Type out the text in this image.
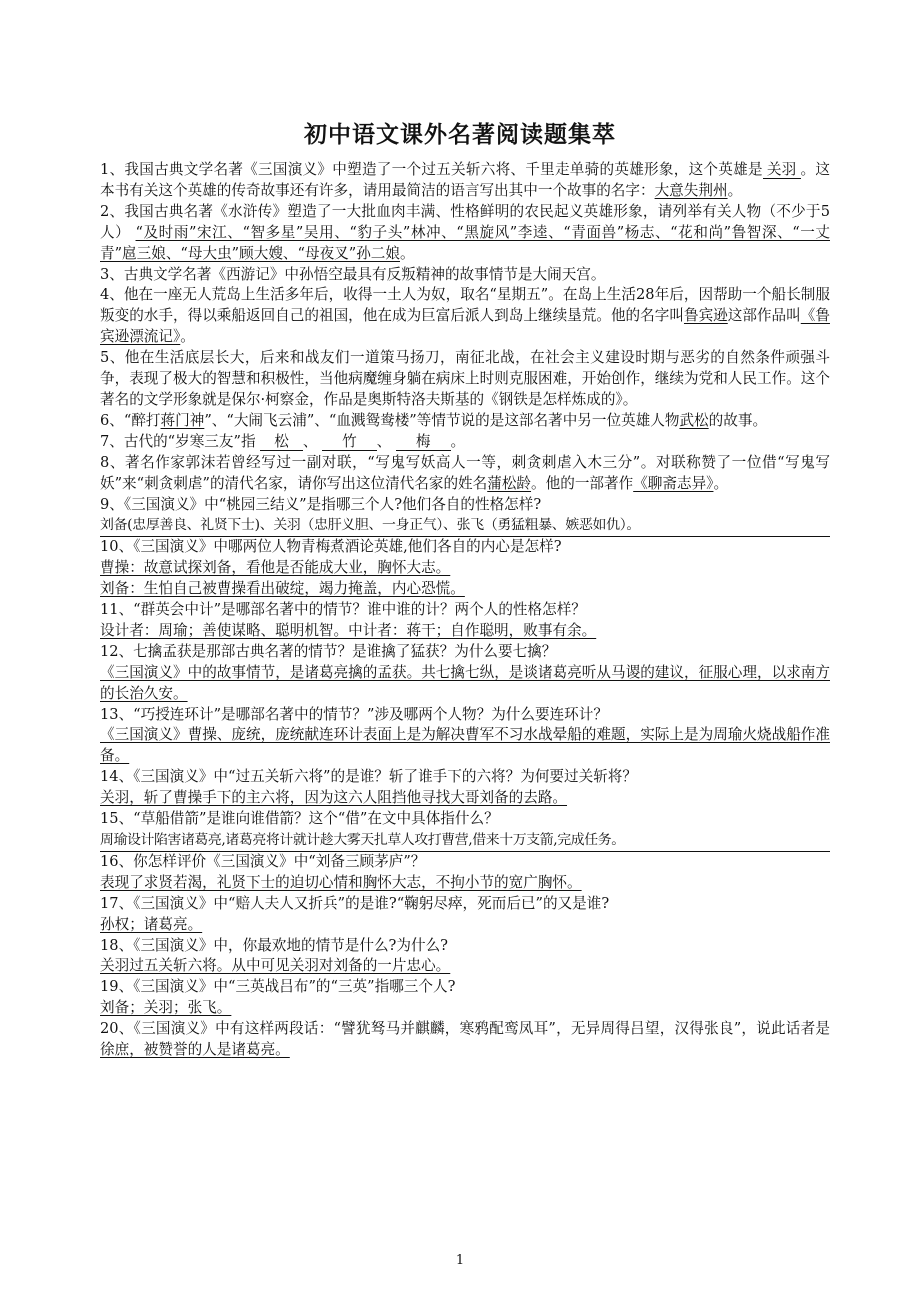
初中语文课外名著阅读题集萃
1、我国古典文学名著《三国演义》中塑造了一个过五关斩六将、千里走单骑的英雄形象，这个英雄是 关羽 。这本书有关这个英雄的传奇故事还有许多，请用最简洁的语言写出其中一个故事的名字：大意失荆州。
2、我国古典名著《水浒传》塑造了一大批血肉丰满、性格鲜明的农民起义英雄形象，请列举有关人物（不少于5人） “及时雨”宋江、“智多星”吴用、“豹子头”林冲、“黑旋风”李逵、“青面兽”杨志、“花和尚”鲁智深、“一丈青”扈三娘、“母大虫”顾大嫂、“母夜叉”孙二娘。
3、古典文学名著《西游记》中孙悟空最具有反叛精神的故事情节是大闹天宫。
4、他在一座无人荒岛上生活多年后，收得一土人为奴，取名“星期五”。在岛上生活28年后，因帮助一个船长制服叛变的水手，得以乘船返回自己的祖国，他在成为巨富后派人到岛上继续垦荒。他的名字叫鲁宾逊这部作品叫《鲁宾逊漂流记》。
5、他在生活底层长大，后来和战友们一道策马扬刀，南征北战，在社会主义建设时期与恶劣的自然条件顽强斗争，表现了极大的智慧和积极性，当他病魔缠身躺在病床上时则克服困难，开始创作，继续为党和人民工作。这个著名的文学形象就是保尔·柯察金，作品是奥斯特洛夫斯基的《钢铁是怎样炼成的》。
6、“醉打蒋门神”、“大闹飞云浦”、“血溅鸳鸯楼”等情节说的是这部名著中另一位英雄人物武松的故事。
7、古代的“岁寒三友”指 松 、 竹 、 梅 。
8、著名作家郭沫若曾经写过一副对联，“写鬼写妖高人一等，刺贪刺虐入木三分”。对联称赞了一位借“写鬼写妖”来“刺贪刺虐”的清代名家，请你写出这位清代名家的姓名蒲松龄。他的一部著作《聊斋志异》。
9、《三国演义》中“桃园三结义”是指哪三个人?他们各自的性格怎样?
刘备(忠厚善良、礼贤下士)、关羽（忠肝义胆、一身正气）、张飞（勇猛粗暴、嫉恶如仇）。
10、《三国演义》中哪两位人物青梅煮酒论英雄,他们各自的内心是怎样?
曹操：故意试探刘备，看他是否能成大业，胸怀大志。
刘备：生怕自己被曹操看出破绽，竭力掩盖，内心恐慌。
11、“群英会中计”是哪部名著中的情节？谁中谁的计？两个人的性格怎样？
设计者：周瑜；善使谋略、聪明机智。中计者：蒋干；自作聪明，败事有余。
12、七擒孟获是那部古典名著的情节？是谁擒了猛获？为什么要七擒？
《三国演义》中的故事情节，是诸葛亮擒的孟获。共七擒七纵，是谈诸葛亮听从马谡的建议，征服心理，以求南方的长治久安。
13、“巧授连环计”是哪部名著中的情节？”涉及哪两个人物？为什么要连环计？
《三国演义》曹操、庞统，庞统献连环计表面上是为解决曹军不习水战晕船的难题，实际上是为周瑜火烧战船作准备。
14、《三国演义》中“过五关斩六将”的是谁？斩了谁手下的六将？为何要过关斩将？
关羽，斩了曹操手下的主六将，因为这六人阻挡他寻找大哥刘备的去路。
15、“草船借箭”是谁向谁借箭？这个“借”在文中具体指什么？
周瑜设计陷害诸葛亮,诸葛亮将计就计趁大雾天扎草人攻打曹营,借来十万支箭,完成任务。
16、你怎样评价《三国演义》中“刘备三顾茅庐”？
表现了求贤若渴，礼贤下士的迫切心情和胸怀大志，不拘小节的宽广胸怀。
17、《三国演义》中“赔人夫人又折兵”的是谁?“鞠躬尽瘁，死而后已”的又是谁?
孙权；诸葛亮。
18、《三国演义》中，你最欢地的情节是什么?为什么?
关羽过五关斩六将。从中可见关羽对刘备的一片忠心。
19、《三国演义》中“三英战吕布”的“三英”指哪三个人?
刘备；关羽；张飞。
20、《三国演义》中有这样两段话：“譬犹驽马并麒麟，寒鸦配鸾凤耳”，无异周得吕望，汉得张良”，说此话者是徐庶，被赞誉的人是诸葛亮。
1
